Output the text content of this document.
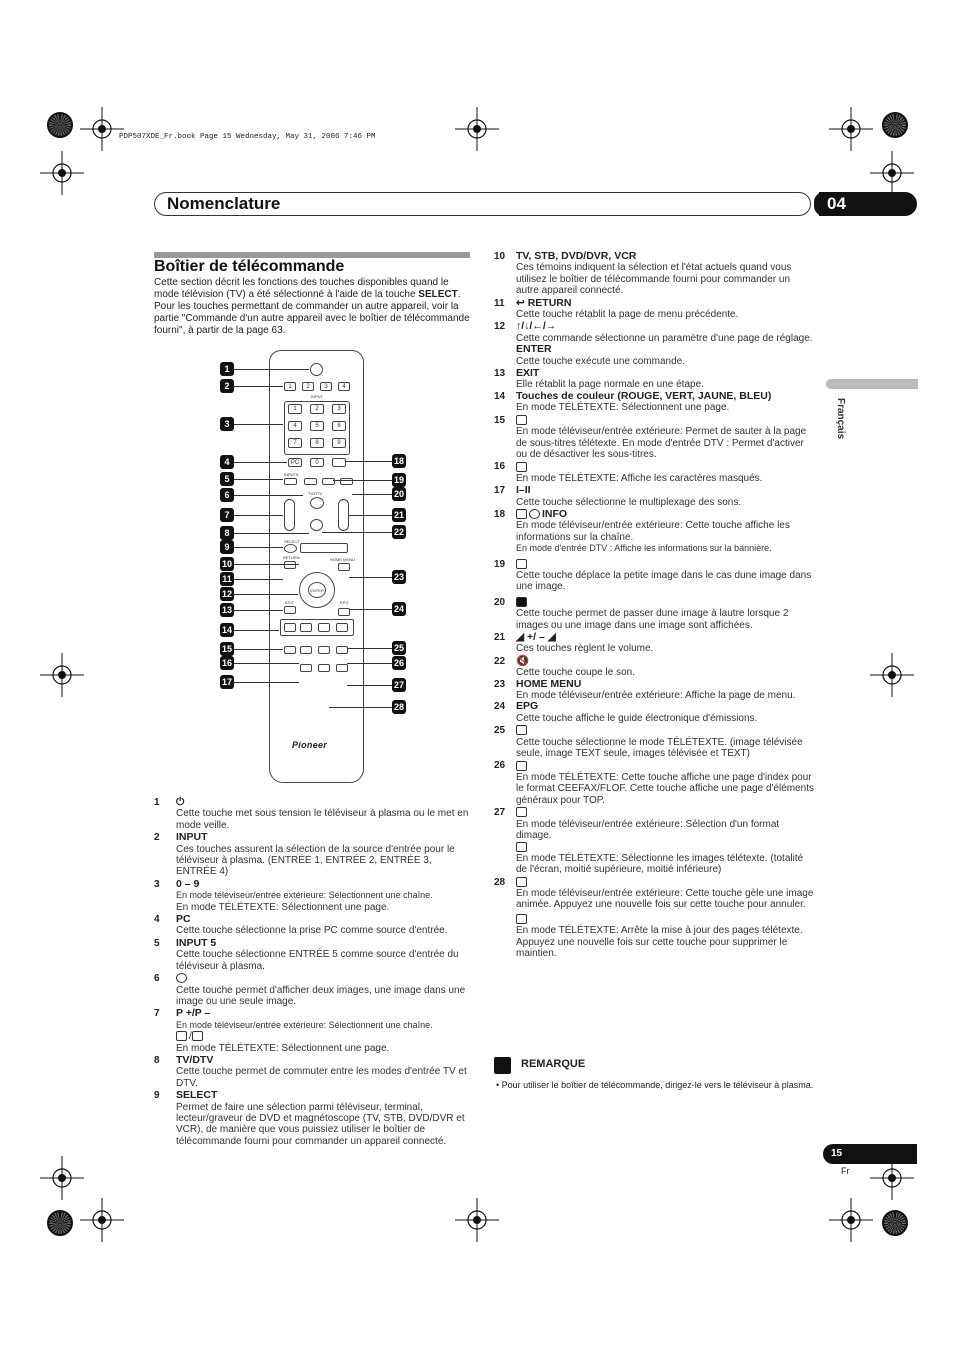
PDP507XDE_Fr.book Page 15 Wednesday, May 31, 2006 7:46 PM
Nomenclature	04
Français
Boîtier de télécommande
Cette section décrit les fonctions des touches disponibles quand le mode télévision (TV) a été sélectionné à l'aide de la touche SELECT. Pour les touches permettant de commander un autre appareil, voir la partie "Commande d'un autre appareil avec le boîtier de télécommande fourni", à partir de la page 63.
1	2	3	4
INPUT
1	2	3
4	5	6
7	8	9
PC	0
INPUT5
TV/DTV
SELECT
HOME MENU
RETURN
ENTER
EXIT	EPG
Pioneer
1
2
3
4
5
6
7
8
9
10
11
12
13
14
15
16
17
18
19
20
21
22
23
24
25
26
27
28
1 ⏻
Cette touche met sous tension le téléviseur à plasma ou le met en mode veille.
2 INPUT
Ces touches assurent la sélection de la source d'entrée pour le téléviseur à plasma. (ENTRÉE 1, ENTRÉE 2, ENTRÉE 3, ENTRÉE 4)
3 0 – 9
En mode téléviseur/entrée extérieure: Sélectionnent une chaîne.
En mode TÉLÉTEXTE: Sélectionnent une page.
4 PC
Cette touche sélectionne la prise PC comme source d'entrée.
5 INPUT 5
Cette touche sélectionne ENTRÉE 5 comme source d'entrée du téléviseur à plasma.
6
Cette touche permet d'afficher deux images, une image dans une image ou une seule image.
7 P +/P –
En mode téléviseur/entrée extérieure: Sélectionnent une chaîne.
/
En mode TÉLÉTEXTE: Sélectionnent une page.
8 TV/DTV
Cette touche permet de commuter entre les modes d'entrée TV et DTV.
9 SELECT
Permet de faire une sélection parmi téléviseur, terminal, lecteur/graveur de DVD et magnétoscope (TV, STB, DVD/DVR et VCR), de manière que vous puissiez utiliser le boîtier de télécommande fourni pour commander un appareil connecté.
10 TV, STB, DVD/DVR, VCR
Ces témoins indiquent la sélection et l'état actuels quand vous utilisez le boîtier de télécommande fourni pour commander un autre appareil connecté.
11 ↩ RETURN
Cette touche rétablit la page de menu précédente.
12 ↑/↓/←/→
Cette commande sélectionne un paramètre d'une page de réglage.
ENTER
Cette touche exécute une commande.
13 EXIT
Elle rétablit la page normale en une étape.
14 Touches de couleur (ROUGE, VERT, JAUNE, BLEU)
En mode TÉLÉTEXTE: Sélectionnent une page.
15
En mode téléviseur/entrée extérieure: Permet de sauter à la page de sous-titres télétexte. En mode d'entrée DTV : Permet d'activer ou de désactiver les sous-titres.
16
En mode TÉLÉTEXTE: Affiche les caractères masqués.
17 I–II
Cette touche sélectionne le multiplexage des sons.
18	INFO
En mode téléviseur/entrée extérieure: Cette touche affiche les informations sur la chaîne.
En mode d'entrée DTV : Affiche les informations sur la bannière.
19
Cette touche déplace la petite image dans le cas dune image dans une image.
20
Cette touche permet de passer dune image à lautre lorsque 2 images ou une image dans une image sont affichées.
21 ◢ +/ – ◢
Ces touches règlent le volume.
22 🔇
Cette touche coupe le son.
23 HOME MENU
En mode téléviseur/entrée extérieure: Affiche la page de menu.
24 EPG
Cette touche affiche le guide électronique d'émissions.
25
Cette touche sélectionne le mode TÉLÉTEXTE. (image télévisée seule, image TEXT seule, images télévisée et TEXT)
26
En mode TÉLÉTEXTE: Cette touche affiche une page d'index pour le format CEEFAX/FLOF. Cette touche affiche une page d'éléments généraux pour TOP.
27
En mode téléviseur/entrée extérieure: Sélection d'un format dimage.
En mode TÉLÉTEXTE: Sélectionne les images télétexte. (totalité de l'écran, moitié supérieure, moitié inférieure)
28
En mode téléviseur/entrée extérieure: Cette touche gèle une image animée. Appuyez une nouvelle fois sur cette touche pour annuler.
En mode TÉLÉTEXTE: Arrête la mise à jour des pages télétexte. Appuyez une nouvelle fois sur cette touche pour supprimer le maintien.
REMARQUE
• Pour utiliser le boîtier de télécommande, dirigez-le vers le téléviseur à plasma.
15
Fr
